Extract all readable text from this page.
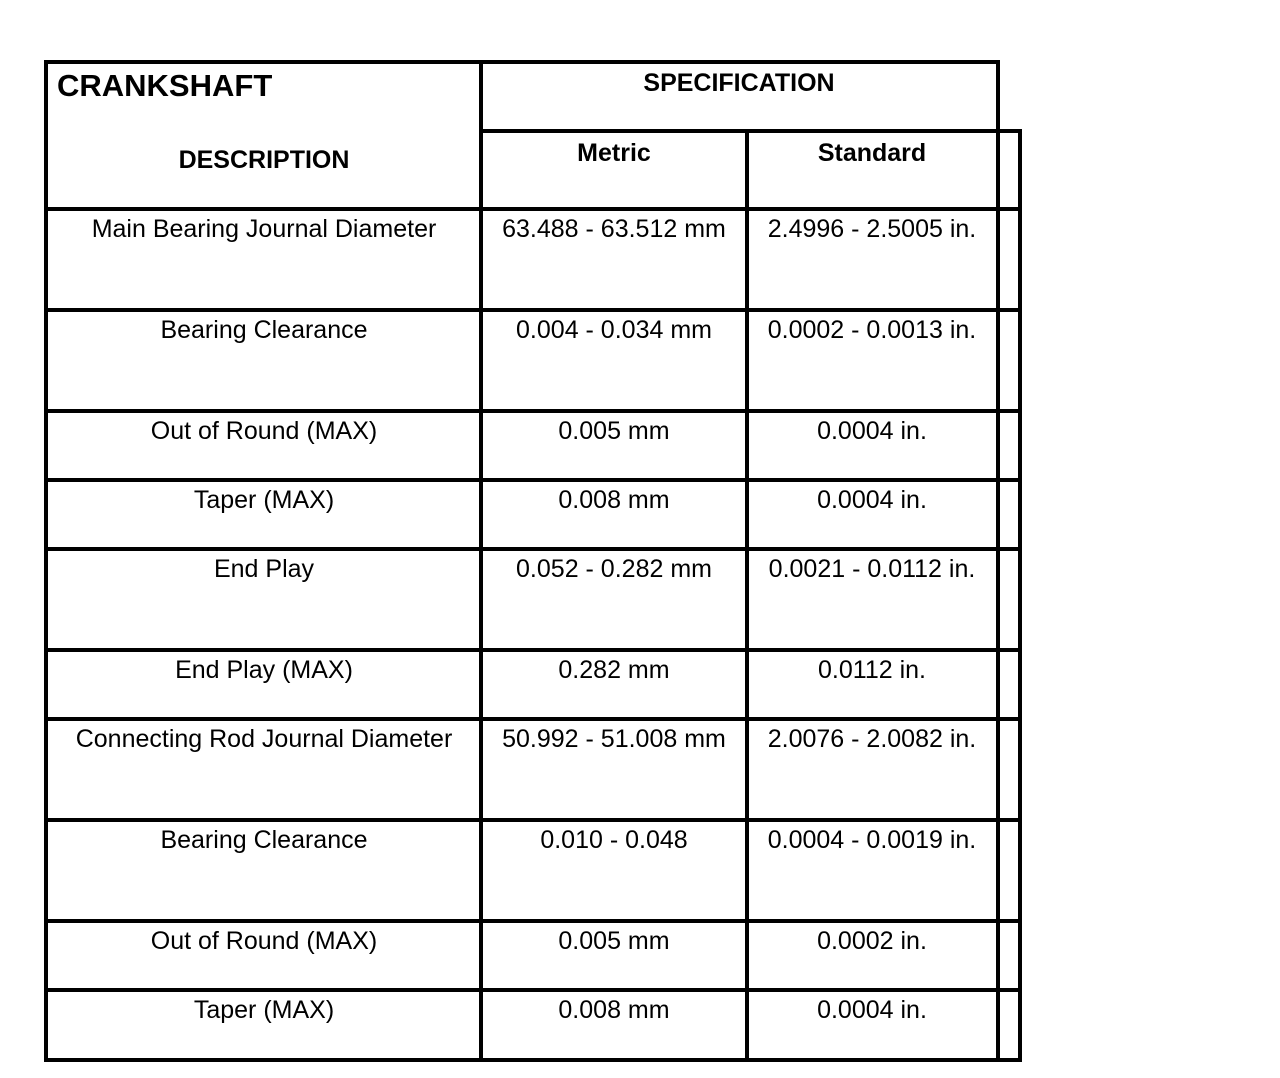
CRANKSHAFT	SPECIFICATION
DESCRIPTION	Metric	Standard
Main Bearing Journal Diameter	63.488 - 63.512 mm	2.4996 - 2.5005 in.
Bearing Clearance	0.004 - 0.034 mm	0.0002 - 0.0013 in.
Out of Round (MAX)	0.005 mm	0.0004 in.
Taper (MAX)	0.008 mm	0.0004 in.
End Play	0.052 - 0.282 mm	0.0021 - 0.0112 in.
End Play (MAX)	0.282 mm	0.0112 in.
Connecting Rod Journal Diameter	50.992 - 51.008 mm	2.0076 - 2.0082 in.
Bearing Clearance	0.010 - 0.048	0.0004 - 0.0019 in.
Out of Round (MAX)	0.005 mm	0.0002 in.
Taper (MAX)	0.008 mm	0.0004 in.
